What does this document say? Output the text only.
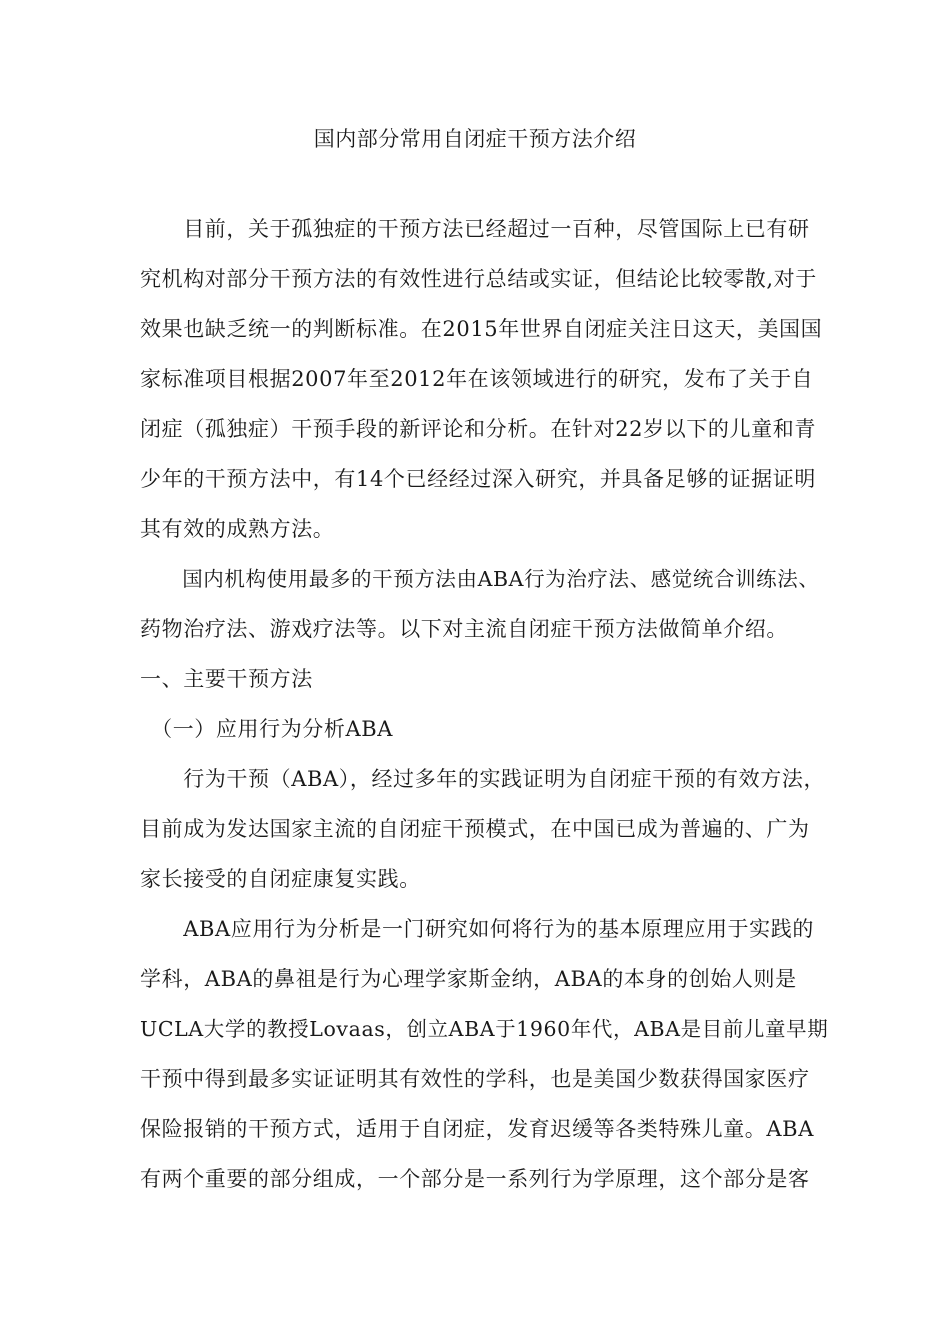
国内部分常用自闭症干预方法介绍
　　目前，关于孤独症的干预方法已经超过一百种，尽管国际上已有研
究机构对部分干预方法的有效性进行总结或实证，但结论比较零散,对于
效果也缺乏统一的判断标准。在2015年世界自闭症关注日这天，美国国
家标准项目根据2007年至2012年在该领域进行的研究，发布了关于自
闭症（孤独症）干预手段的新评论和分析。在针对22岁以下的儿童和青
少年的干预方法中，有14个已经经过深入研究，并具备足够的证据证明
其有效的成熟方法。
　　国内机构使用最多的干预方法由ABA行为治疗法、感觉统合训练法、
药物治疗法、游戏疗法等。以下对主流自闭症干预方法做简单介绍。
一、主要干预方法
　（一）应用行为分析ABA
　　行为干预（ABA），经过多年的实践证明为自闭症干预的有效方法，
目前成为发达国家主流的自闭症干预模式，在中国已成为普遍的、广为
家长接受的自闭症康复实践。
　　ABA应用行为分析是一门研究如何将行为的基本原理应用于实践的
学科，ABA的鼻祖是行为心理学家斯金纳，ABA的本身的创始人则是
UCLA大学的教授Lovaas，创立ABA于1960年代，ABA是目前儿童早期
干预中得到最多实证证明其有效性的学科，也是美国少数获得国家医疗
保险报销的干预方式，适用于自闭症，发育迟缓等各类特殊儿童。ABA
有两个重要的部分组成，一个部分是一系列行为学原理，这个部分是客
